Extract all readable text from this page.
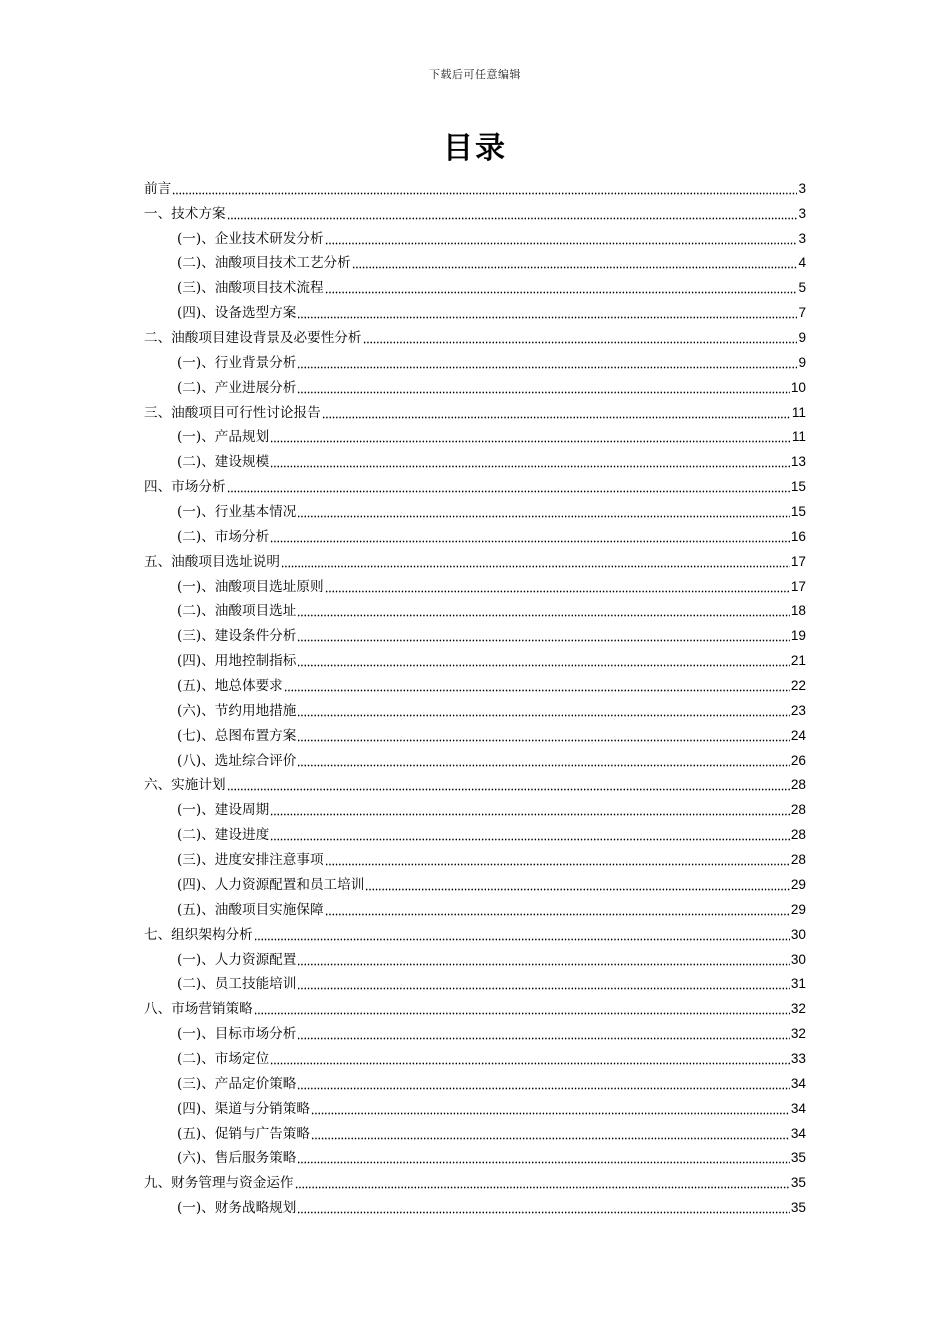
下载后可任意编辑
目录
前言	3
一、技术方案	3
(一)、企业技术研发分析	3
(二)、油酸项目技术工艺分析	4
(三)、油酸项目技术流程	5
(四)、设备选型方案	7
二、油酸项目建设背景及必要性分析	9
(一)、行业背景分析	9
(二)、产业进展分析	10
三、油酸项目可行性讨论报告	11
(一)、产品规划	11
(二)、建设规模	13
四、市场分析	15
(一)、行业基本情况	15
(二)、市场分析	16
五、油酸项目选址说明	17
(一)、油酸项目选址原则	17
(二)、油酸项目选址	18
(三)、建设条件分析	19
(四)、用地控制指标	21
(五)、地总体要求	22
(六)、节约用地措施	23
(七)、总图布置方案	24
(八)、选址综合评价	26
六、实施计划	28
(一)、建设周期	28
(二)、建设进度	28
(三)、进度安排注意事项	28
(四)、人力资源配置和员工培训	29
(五)、油酸项目实施保障	29
七、组织架构分析	30
(一)、人力资源配置	30
(二)、员工技能培训	31
八、市场营销策略	32
(一)、目标市场分析	32
(二)、市场定位	33
(三)、产品定价策略	34
(四)、渠道与分销策略	34
(五)、促销与广告策略	34
(六)、售后服务策略	35
九、财务管理与资金运作	35
(一)、财务战略规划	35
